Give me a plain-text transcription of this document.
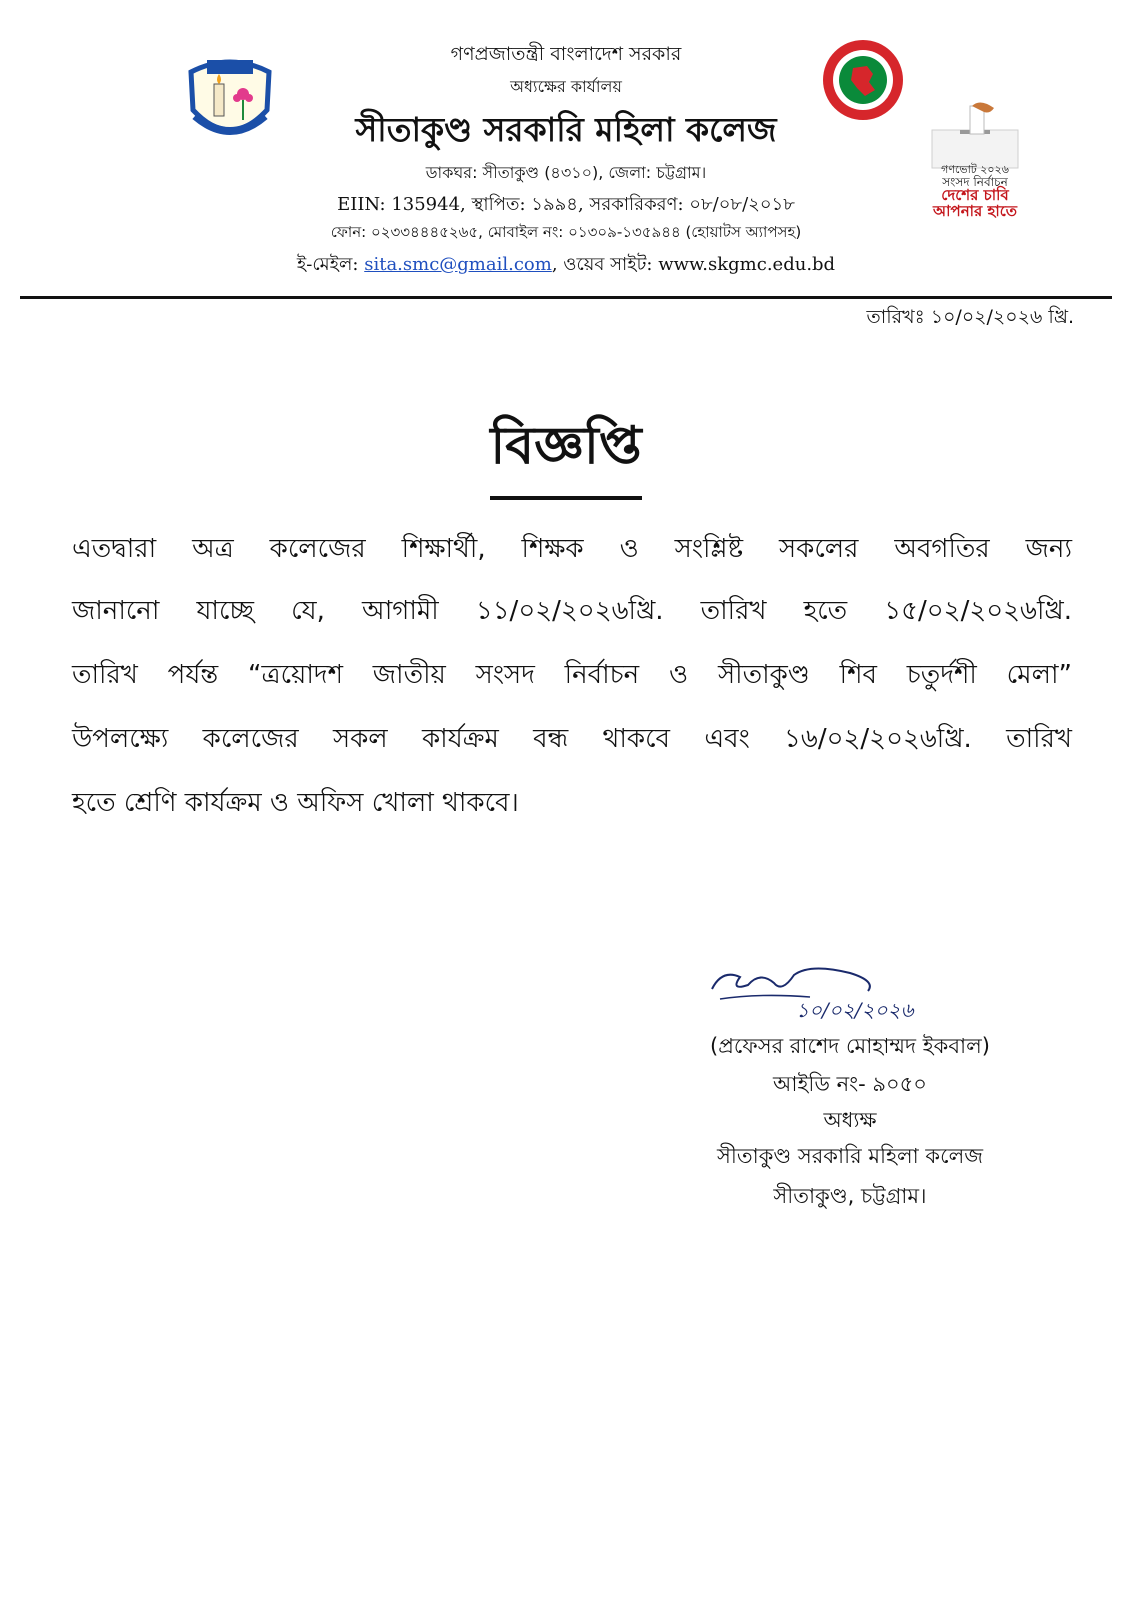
গণভোট ২০২৬
সংসদ নির্বাচন
দেশের চাবি
আপনার হাতে
গণপ্রজাতন্ত্রী বাংলাদেশ সরকার
অধ্যক্ষের কার্যালয়
সীতাকুণ্ড সরকারি মহিলা কলেজ
ডাকঘর: সীতাকুণ্ড (৪৩১০), জেলা: চট্টগ্রাম।
EIIN: 135944, স্থাপিত: ১৯৯৪, সরকারিকরণ: ০৮/০৮/২০১৮
ফোন: ০২৩৩৪৪৪৫২৬৫, মোবাইল নং: ০১৩০৯-১৩৫৯৪৪ (হোয়াটস অ্যাপসহ)
ই-মেইল: sita.smc@gmail.com, ওয়েব সাইট: www.skgmc.edu.bd
তারিখঃ ১০/০২/২০২৬ খ্রি.
বিজ্ঞপ্তি
এতদ্বারা অত্র কলেজের শিক্ষার্থী, শিক্ষক ও সংশ্লিষ্ট সকলের অবগতির জন্য
জানানো যাচ্ছে যে, আগামী ১১/০২/২০২৬খ্রি. তারিখ হতে ১৫/০২/২০২৬খ্রি.
তারিখ পর্যন্ত “ত্রয়োদশ জাতীয় সংসদ নির্বাচন ও সীতাকুণ্ড শিব চতুর্দশী মেলা”
উপলক্ষ্যে কলেজের সকল কার্যক্রম বন্ধ থাকবে এবং ১৬/০২/২০২৬খ্রি. তারিখ
হতে শ্রেণি কার্যক্রম ও অফিস খোলা থাকবে।
১০/০২/২০২৬
(প্রফেসর রাশেদ মোহাম্মদ ইকবাল)
আইডি নং- ৯০৫০
অধ্যক্ষ
সীতাকুণ্ড সরকারি মহিলা কলেজ
সীতাকুণ্ড, চট্টগ্রাম।
